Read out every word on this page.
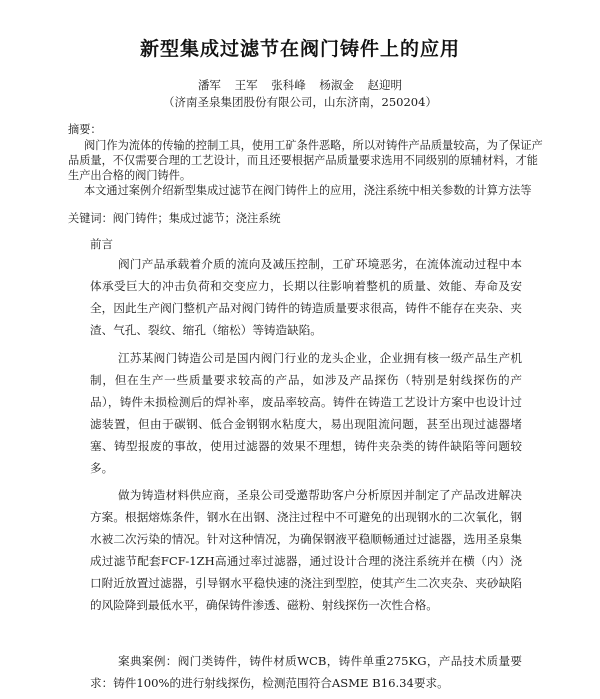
新型集成过滤节在阀门铸件上的应用
潘军 王军 张科峰 杨淑金 赵迎明
（济南圣泉集团股份有限公司，山东济南，250204）
摘要：
阀门作为流体的传输的控制工具，使用工矿条件恶略，所以对铸件产品质量较高，为了保证产品质量，不仅需要合理的工艺设计，而且还要根据产品质量要求选用不同级别的原辅材料，才能生产出合格的阀门铸件。
本文通过案例介绍新型集成过滤节在阀门铸件上的应用，浇注系统中相关参数的计算方法等
关键词：阀门铸件；集成过滤节；浇注系统
前言
阀门产品承载着介质的流向及减压控制，工矿环境恶劣，在流体流动过程中本体承受巨大的冲击负荷和交变应力，长期以往影响着整机的质量、效能、寿命及安全，因此生产阀门整机产品对阀门铸件的铸造质量要求很高，铸件不能存在夹杂、夹渣、气孔、裂纹、缩孔（缩松）等铸造缺陷。
江苏某阀门铸造公司是国内阀门行业的龙头企业，企业拥有核一级产品生产机制，但在生产一些质量要求较高的产品，如涉及产品探伤（特别是射线探伤的产品），铸件未损检测后的焊补率，废品率较高。铸件在铸造工艺设计方案中也设计过滤装置，但由于碳钢、低合金钢钢水粘度大，易出现阻流问题，甚至出现过滤器堵塞、铸型报废的事故，使用过滤器的效果不理想，铸件夹杂类的铸件缺陷等问题较多。
做为铸造材料供应商，圣泉公司受邀帮助客户分析原因并制定了产品改进解决方案。根据熔炼条件，钢水在出钢、浇注过程中不可避免的出现钢水的二次氧化，钢水被二次污染的情况。针对这种情况，为确保钢液平稳顺畅通过过滤器，选用圣泉集成过滤节配套FCF-1ZH高通过率过滤器，通过设计合理的浇注系统并在横（内）浇口附近放置过滤器，引导钢水平稳快速的浇注到型腔，使其产生二次夹杂、夹砂缺陷的风险降到最低水平，确保铸件渗透、磁粉、射线探伤一次性合格。
案典案例：阀门类铸件，铸件材质WCB，铸件单重275KG，产品技术质量要求：铸件100%的进行射线探伤，检测范围符合ASME B16.34要求。
